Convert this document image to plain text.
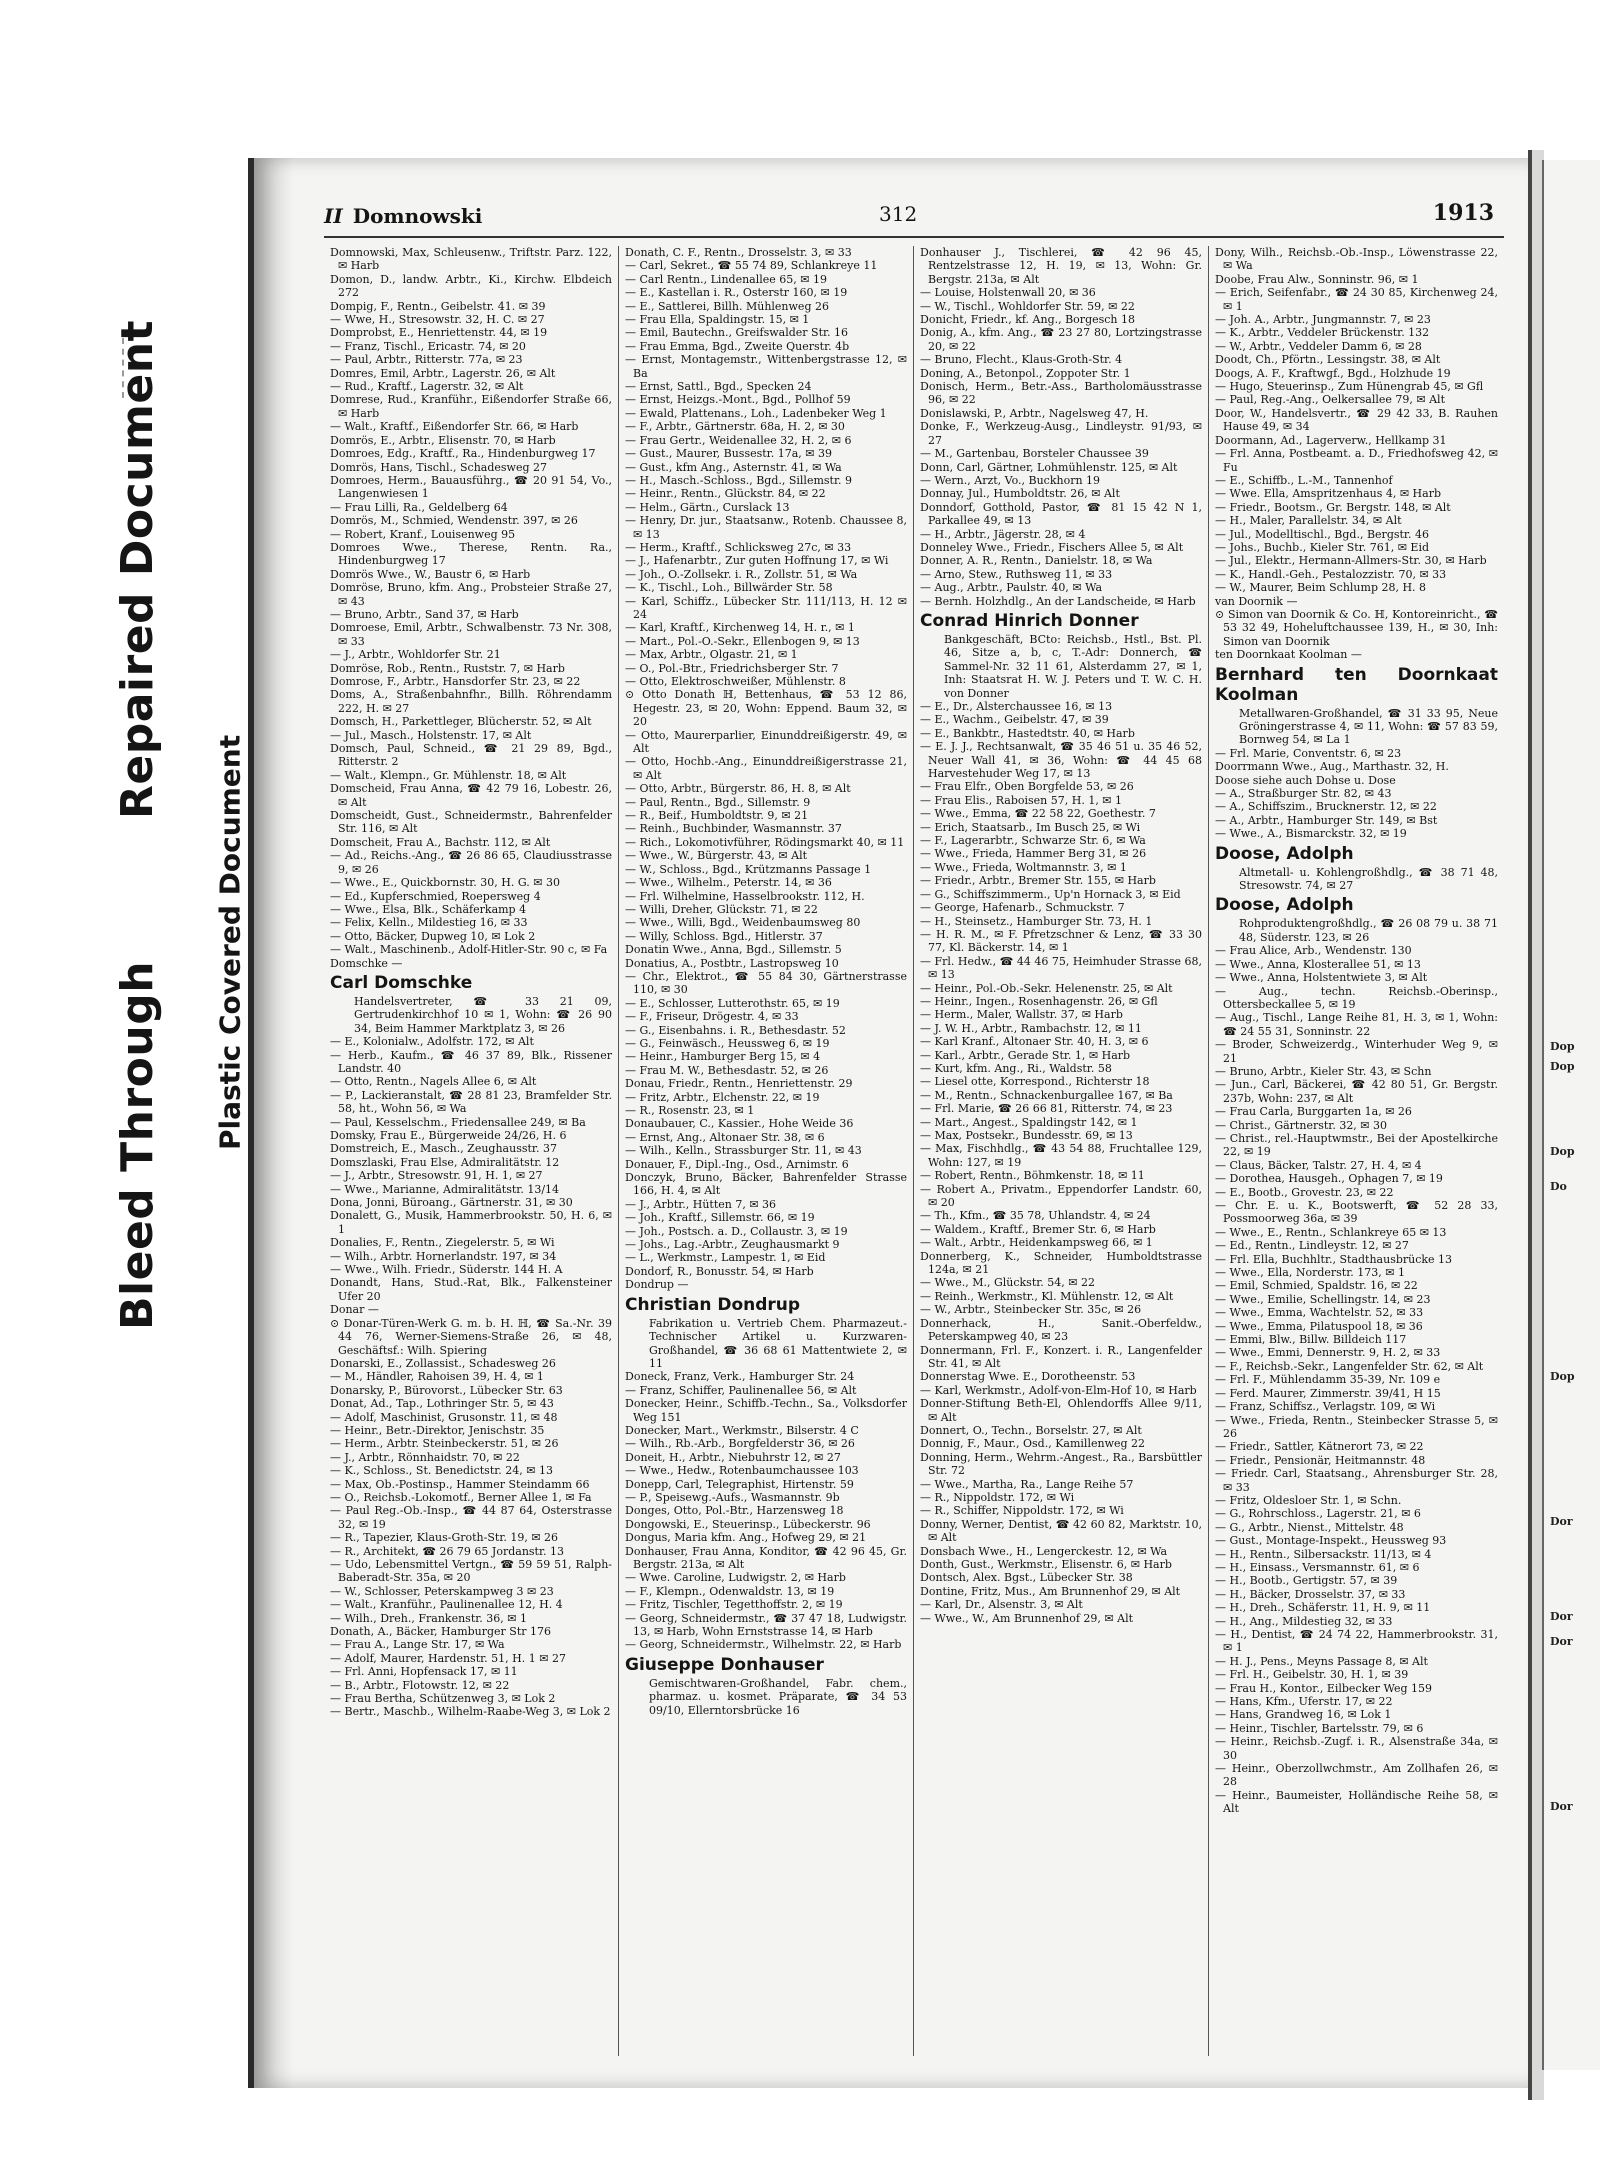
Bleed Through
Repaired Document
Plastic Covered Document
II Domnowski	312	1913

Domnowski, Max, Schleusenw., Triftstr. Parz. 122, ✉ Harb

Domon, D., landw. Arbtr., Ki., Kirchw. Elbdeich 272

Dompig, F., Rentn., Geibelstr. 41. ✉ 39

— Wwe, H., Stresowstr. 32, H. C. ✉ 27

Domprobst, E., Henriettenstr. 44, ✉ 19

— Franz, Tischl., Ericastr. 74, ✉ 20

— Paul, Arbtr., Ritterstr. 77a, ✉ 23

Domres, Emil, Arbtr., Lagerstr. 26, ✉ Alt

— Rud., Kraftf., Lagerstr. 32, ✉ Alt

Domrese, Rud., Kranführ., Eißendorfer Straße 66, ✉ Harb

— Walt., Kraftf., Eißendorfer Str. 66, ✉ Harb

Domrös, E., Arbtr., Elisenstr. 70, ✉ Harb

Domroes, Edg., Kraftf., Ra., Hindenburgweg 17

Domrös, Hans, Tischl., Schadesweg 27

Domroes, Herm., Bauausführg., ☎ 20 91 54, Vo., Langenwiesen 1

— Frau Lilli, Ra., Geldelberg 64

Domrös, M., Schmied, Wendenstr. 397, ✉ 26

— Robert, Kranf., Louisenweg 95

Domroes Wwe., Therese, Rentn. Ra., Hindenburgweg 17

Domrös Wwe., W., Baustr 6, ✉ Harb

Domröse, Bruno, kfm. Ang., Probsteier Straße 27, ✉ 43

— Bruno, Arbtr., Sand 37, ✉ Harb

Domroese, Emil, Arbtr., Schwalbenstr. 73 Nr. 308, ✉ 33

— J., Arbtr., Wohldorfer Str. 21

Domröse, Rob., Rentn., Ruststr. 7, ✉ Harb

Domrose, F., Arbtr., Hansdorfer Str. 23, ✉ 22

Doms, A., Straßenbahnfhr., Billh. Röhrendamm 222, H. ✉ 27

Domsch, H., Parkettleger, Blücherstr. 52, ✉ Alt

— Jul., Masch., Holstenstr. 17, ✉ Alt

Domsch, Paul, Schneid., ☎ 21 29 89, Bgd., Ritterstr. 2

— Walt., Klempn., Gr. Mühlenstr. 18, ✉ Alt

Domscheid, Frau Anna, ☎ 42 79 16, Lobestr. 26, ✉ Alt

Domscheidt, Gust., Schneidermstr., Bahrenfelder Str. 116, ✉ Alt

Domscheit, Frau A., Bachstr. 112, ✉ Alt

— Ad., Reichs.-Ang., ☎ 26 86 65, Claudiusstrasse 9, ✉ 26

— Wwe., E., Quickbornstr. 30, H. G. ✉ 30

— Ed., Kupferschmied, Roepersweg 4

— Wwe., Elsa, Blk., Schäferkamp 4

— Felix, Kelln., Mildestieg 16, ✉ 33

— Otto, Bäcker, Dupweg 10, ✉ Lok 2

— Walt., Maschinenb., Adolf-Hitler-Str. 90 c, ✉ Fa

Domschke —

Carl Domschke

Handelsvertreter, ☎ 33 21 09, Gertrudenkirchhof 10 ✉ 1, Wohn: ☎ 26 90 34, Beim Hammer Marktplatz 3, ✉ 26

— E., Kolonialw., Adolfstr. 172, ✉ Alt

— Herb., Kaufm., ☎ 46 37 89, Blk., Rissener Landstr. 40

— Otto, Rentn., Nagels Allee 6, ✉ Alt

— P., Lackieranstalt, ☎ 28 81 23, Bramfelder Str. 58, ht., Wohn 56, ✉ Wa

— Paul, Kesselschm., Friedensallee 249, ✉ Ba

Domsky, Frau E., Bürgerweide 24/26, H. 6

Domstreich, E., Masch., Zeughausstr. 37

Domszlaski, Frau Else, Admiralitätstr. 12

— J., Arbtr., Stresowstr. 91, H. 1, ✉ 27

— Wwe., Marianne, Admiralitätstr. 13/14

Dona, Jonni, Büroang., Gärtnerstr. 31, ✉ 30

Donalett, G., Musik, Hammerbrookstr. 50, H. 6, ✉ 1

Donalies, F., Rentn., Ziegelerstr. 5, ✉ Wi

— Wilh., Arbtr. Hornerlandstr. 197, ✉ 34

— Wwe., Wilh. Friedr., Süderstr. 144 H. A

Donandt, Hans, Stud.-Rat, Blk., Falkensteiner Ufer 20

Donar —

⊙ Donar-Türen-Werk G. m. b. H. ℍ, ☎ Sa.-Nr. 39 44 76, Werner-Siemens-Straße 26, ✉ 48, Geschäftsf.: Wilh. Spiering

Donarski, E., Zollassist., Schadesweg 26

— M., Händler, Rahoisen 39, H. 4, ✉ 1

Donarsky, P., Bürovorst., Lübecker Str. 63

Donat, Ad., Tap., Lothringer Str. 5, ✉ 43

— Adolf, Maschinist, Grusonstr. 11, ✉ 48

— Heinr., Betr.-Direktor, Jenischstr. 35

— Herm., Arbtr. Steinbeckerstr. 51, ✉ 26

— J., Arbtr., Rönnhaidstr. 70, ✉ 22

— K., Schloss., St. Benedictstr. 24, ✉ 13

— Max, Ob.-Postinsp., Hammer Steindamm 66

— O., Reichsb.-Lokomotf., Berner Allee 1, ✉ Fa

— Paul Reg.-Ob.-Insp., ☎ 44 87 64, Osterstrasse 32, ✉ 19

— R., Tapezier, Klaus-Groth-Str. 19, ✉ 26

— R., Architekt, ☎ 26 79 65 Jordanstr. 13

— Udo, Lebensmittel Vertgn., ☎ 59 59 51, Ralph-Baberadt-Str. 35a, ✉ 20

— W., Schlosser, Peterskampweg 3 ✉ 23

— Walt., Kranführ., Paulinenallee 12, H. 4

— Wilh., Dreh., Frankenstr. 36, ✉ 1

Donath, A., Bäcker, Hamburger Str 176

— Frau A., Lange Str. 17, ✉ Wa

— Adolf, Maurer, Hardenstr. 51, H. 1 ✉ 27

— Frl. Anni, Hopfensack 17, ✉ 11

— B., Arbtr., Flotowstr. 12, ✉ 22

— Frau Bertha, Schützenweg 3, ✉ Lok 2

— Bertr., Maschb., Wilhelm-Raabe-Weg 3, ✉ Lok 2

Donath, C. F., Rentn., Drosselstr. 3, ✉ 33

— Carl, Sekret., ☎ 55 74 89, Schlankreye 11

— Carl Rentn., Lindenallee 65, ✉ 19

— E., Kastellan i. R., Osterstr 160, ✉ 19

— E., Sattlerei, Billh. Mühlenweg 26

— Frau Ella, Spaldingstr. 15, ✉ 1

— Emil, Bautechn., Greifswalder Str. 16

— Frau Emma, Bgd., Zweite Querstr. 4b

— Ernst, Montagemstr., Wittenbergstrasse 12, ✉ Ba

— Ernst, Sattl., Bgd., Specken 24

— Ernst, Heizgs.-Mont., Bgd., Pollhof 59

— Ewald, Plattenans., Loh., Ladenbeker Weg 1

— F., Arbtr., Gärtnerstr. 68a, H. 2, ✉ 30

— Frau Gertr., Weidenallee 32, H. 2, ✉ 6

— Gust., Maurer, Bussestr. 17a, ✉ 39

— Gust., kfm Ang., Asternstr. 41, ✉ Wa

— H., Masch.-Schloss., Bgd., Sillemstr. 9

— Heinr., Rentn., Glückstr. 84, ✉ 22

— Helm., Gärtn., Curslack 13

— Henry, Dr. jur., Staatsanw., Rotenb. Chaussee 8, ✉ 13

— Herm., Kraftf., Schlicksweg 27c, ✉ 33

— J., Hafenarbtr., Zur guten Hoffnung 17, ✉ Wi

— Joh., O.-Zollsekr. i. R., Zollstr. 51, ✉ Wa

— K., Tischl., Loh., Billwärder Str. 58

— Karl, Schiffz., Lübecker Str. 111/113, H. 12 ✉ 24

— Karl, Kraftf., Kirchenweg 14, H. r., ✉ 1

— Mart., Pol.-O.-Sekr., Ellenbogen 9, ✉ 13

— Max, Arbtr., Olgastr. 21, ✉ 1

— O., Pol.-Btr., Friedrichsberger Str. 7

— Otto, Elektroschweißer, Mühlenstr. 8

⊙ Otto Donath ℍ, Bettenhaus, ☎ 53 12 86, Hegestr. 23, ✉ 20, Wohn: Eppend. Baum 32, ✉ 20

— Otto, Maurerparlier, Einunddreißigerstr. 49, ✉ Alt

— Otto, Hochb.-Ang., Einunddreißigerstrasse 21, ✉ Alt

— Otto, Arbtr., Bürgerstr. 86, H. 8, ✉ Alt

— Paul, Rentn., Bgd., Sillemstr. 9

— R., Beif., Humboldtstr. 9, ✉ 21

— Reinh., Buchbinder, Wasmannstr. 37

— Rich., Lokomotivführer, Rödingsmarkt 40, ✉ 11

— Wwe., W., Bürgerstr. 43, ✉ Alt

— W., Schloss., Bgd., Krützmanns Passage 1

— Wwe., Wilhelm., Peterstr. 14, ✉ 36

— Frl. Wilhelmine, Hasselbrookstr. 112, H.

— Willi, Dreher, Glückstr. 71, ✉ 22

— Wwe., Willi, Bgd., Weidenbaumsweg 80

— Willy, Schloss. Bgd., Hitlerstr. 37

Donatin Wwe., Anna, Bgd., Sillemstr. 5

Donatius, A., Postbtr., Lastropsweg 10

— Chr., Elektrot., ☎ 55 84 30, Gärtnerstrasse 110, ✉ 30

— E., Schlosser, Lutterothstr. 65, ✉ 19

— F., Friseur, Drögestr. 4, ✉ 33

— G., Eisenbahns. i. R., Bethesdastr. 52

— G., Feinwäsch., Heussweg 6, ✉ 19

— Heinr., Hamburger Berg 15, ✉ 4

— Frau M. W., Bethesdastr. 52, ✉ 26

Donau, Friedr., Rentn., Henriettenstr. 29

— Fritz, Arbtr., Elchenstr. 22, ✉ 19

— R., Rosenstr. 23, ✉ 1

Donaubauer, C., Kassier., Hohe Weide 36

— Ernst, Ang., Altonaer Str. 38, ✉ 6

— Wilh., Kelln., Strassburger Str. 11, ✉ 43

Donauer, F., Dipl.-Ing., Osd., Arnimstr. 6

Donczyk, Bruno, Bäcker, Bahrenfelder Strasse 166, H. 4, ✉ Alt

— J., Arbtr., Hütten 7, ✉ 36

— Joh., Kraftf., Sillemstr. 66, ✉ 19

— Joh., Postsch. a. D., Collaustr. 3, ✉ 19

— Johs., Lag.-Arbtr., Zeughausmarkt 9

— L., Werkmstr., Lampestr. 1, ✉ Eid

Dondorf, R., Bonusstr. 54, ✉ Harb

Dondrup —

Christian Dondrup

Fabrikation u. Vertrieb Chem. Pharmazeut.-Technischer Artikel u. Kurzwaren-Großhandel, ☎ 36 68 61 Mattentwiete 2, ✉ 11

Doneck, Franz, Verk., Hamburger Str. 24

— Franz, Schiffer, Paulinenallee 56, ✉ Alt

Donecker, Heinr., Schiffb.-Techn., Sa., Volksdorfer Weg 151

Donecker, Mart., Werkmstr., Bilserstr. 4 C

— Wilh., Rb.-Arb., Borgfelderstr 36, ✉ 26

Doneit, H., Arbtr., Niebuhrstr 12, ✉ 27

— Wwe., Hedw., Rotenbaumchaussee 103

Donepp, Carl, Telegraphist, Hirtenstr. 59

— P., Speisewg.-Aufs., Wasmannstr. 9b

Donges, Otto, Pol.-Btr., Harzensweg 18

Dongowski, E., Steuerinsp., Lübeckerstr. 96

Dongus, Maria kfm. Ang., Hofweg 29, ✉ 21

Donhauser, Frau Anna, Konditor, ☎ 42 96 45, Gr. Bergstr. 213a, ✉ Alt

— Wwe. Caroline, Ludwigstr. 2, ✉ Harb

— F., Klempn., Odenwaldstr. 13, ✉ 19

— Fritz, Tischler, Tegetthoffstr. 2, ✉ 19

— Georg, Schneidermstr., ☎ 37 47 18, Ludwigstr. 13, ✉ Harb, Wohn Ernststrasse 14, ✉ Harb

— Georg, Schneidermstr., Wilhelmstr. 22, ✉ Harb

Giuseppe Donhauser

Gemischtwaren-Großhandel, Fabr. chem., pharmaz. u. kosmet. Präparate, ☎ 34 53 09/10, Ellerntorsbrücke 16

Donhauser J., Tischlerei, ☎ 42 96 45, Rentzelstrasse 12, H. 19, ✉ 13, Wohn: Gr. Bergstr. 213a, ✉ Alt

— Louise, Holstenwall 20, ✉ 36

— W., Tischl., Wohldorfer Str. 59, ✉ 22

Donicht, Friedr., kf. Ang., Borgesch 18

Donig, A., kfm. Ang., ☎ 23 27 80, Lortzingstrasse 20, ✉ 22

— Bruno, Flecht., Klaus-Groth-Str. 4

Doning, A., Betonpol., Zoppoter Str. 1

Donisch, Herm., Betr.-Ass., Bartholomäusstrasse 96, ✉ 22

Donislawski, P., Arbtr., Nagelsweg 47, H.

Donke, F., Werkzeug-Ausg., Lindleystr. 91/93, ✉ 27

— M., Gartenbau, Borsteler Chaussee 39

Donn, Carl, Gärtner, Lohmühlenstr. 125, ✉ Alt

— Wern., Arzt, Vo., Buckhorn 19

Donnay, Jul., Humboldtstr. 26, ✉ Alt

Donndorf, Gotthold, Pastor, ☎ 81 15 42 N 1, Parkallee 49, ✉ 13

— H., Arbtr., Jägerstr. 28, ✉ 4

Donneley Wwe., Friedr., Fischers Allee 5, ✉ Alt

Donner, A. R., Rentn., Danielstr. 18, ✉ Wa

— Arno, Stew., Ruthsweg 11, ✉ 33

— Aug., Arbtr., Paulstr. 40, ✉ Wa

— Bernh. Holzhdlg., An der Landscheide, ✉ Harb

Conrad Hinrich Donner

Bankgeschäft, BCto: Reichsb., Hstl., Bst. Pl. 46, Sitze a, b, c, T.-Adr: Donnerch, ☎ Sammel-Nr. 32 11 61, Alsterdamm 27, ✉ 1, Inh: Staatsrat H. W. J. Peters und T. W. C. H. von Donner

— E., Dr., Alsterchaussee 16, ✉ 13

— E., Wachm., Geibelstr. 47, ✉ 39

— E., Bankbtr., Hastedtstr. 40, ✉ Harb

— E. J. J., Rechtsanwalt, ☎ 35 46 51 u. 35 46 52, Neuer Wall 41, ✉ 36, Wohn: ☎ 44 45 68 Harvestehuder Weg 17, ✉ 13

— Frau Elfr., Oben Borgfelde 53, ✉ 26

— Frau Elis., Raboisen 57, H. 1, ✉ 1

— Wwe., Emma, ☎ 22 58 22, Goethestr. 7

— Erich, Staatsarb., Im Busch 25, ✉ Wi

— F., Lagerarbtr., Schwarze Str. 6, ✉ Wa

— Wwe., Frieda, Hammer Berg 31, ✉ 26

— Wwe., Frieda, Woltmannstr. 3, ✉ 1

— Friedr., Arbtr., Bremer Str. 155, ✉ Harb

— G., Schiffszimmerm., Up'n Hornack 3, ✉ Eid

— George, Hafenarb., Schmuckstr. 7

— H., Steinsetz., Hamburger Str. 73, H. 1

— H. R. M., ✉ F. Pfretzschner & Lenz, ☎ 33 30 77, Kl. Bäckerstr. 14, ✉ 1

— Frl. Hedw., ☎ 44 46 75, Heimhuder Strasse 68, ✉ 13

— Heinr., Pol.-Ob.-Sekr. Helenenstr. 25, ✉ Alt

— Heinr., Ingen., Rosenhagenstr. 26, ✉ Gfl

— Herm., Maler, Wallstr. 37, ✉ Harb

— J. W. H., Arbtr., Rambachstr. 12, ✉ 11

— Karl Kranf., Altonaer Str. 40, H. 3, ✉ 6

— Karl., Arbtr., Gerade Str. 1, ✉ Harb

— Kurt, kfm. Ang., Ri., Waldstr. 58

— Liesel otte, Korrespond., Richterstr 18

— M., Rentn., Schnackenburgallee 167, ✉ Ba

— Frl. Marie, ☎ 26 66 81, Ritterstr. 74, ✉ 23

— Mart., Angest., Spaldingstr 142, ✉ 1

— Max, Postsekr., Bundesstr. 69, ✉ 13

— Max, Fischhdlg., ☎ 43 54 88, Fruchtallee 129, Wohn: 127, ✉ 19

— Robert, Rentn., Böhmkenstr. 18, ✉ 11

— Robert A., Privatm., Eppendorfer Landstr. 60, ✉ 20

— Th., Kfm., ☎ 35 78, Uhlandstr. 4, ✉ 24

— Waldem., Kraftf., Bremer Str. 6, ✉ Harb

— Walt., Arbtr., Heidenkampsweg 66, ✉ 1

Donnerberg, K., Schneider, Humboldtstrasse 124a, ✉ 21

— Wwe., M., Glückstr. 54, ✉ 22

— Reinh., Werkmstr., Kl. Mühlenstr. 12, ✉ Alt

— W., Arbtr., Steinbecker Str. 35c, ✉ 26

Donnerhack, H., Sanit.-Oberfeldw., Peterskampweg 40, ✉ 23

Donnermann, Frl. F., Konzert. i. R., Langenfelder Str. 41, ✉ Alt

Donnerstag Wwe. E., Dorotheenstr. 53

— Karl, Werkmstr., Adolf-von-Elm-Hof 10, ✉ Harb

Donner-Stiftung Beth-El, Ohlendorffs Allee 9/11, ✉ Alt

Donnert, O., Techn., Borselstr. 27, ✉ Alt

Donnig, F., Maur., Osd., Kamillenweg 22

Donning, Herm., Wehrm.-Angest., Ra., Barsbüttler Str. 72

— Wwe., Martha, Ra., Lange Reihe 57

— R., Nippoldstr. 172, ✉ Wi

— R., Schiffer, Nippoldstr. 172, ✉ Wi

Donny, Werner, Dentist, ☎ 42 60 82, Marktstr. 10, ✉ Alt

Donsbach Wwe., H., Lengerckestr. 12, ✉ Wa

Donth, Gust., Werkmstr., Elisenstr. 6, ✉ Harb

Dontsch, Alex. Bgst., Lübecker Str. 38

Dontine, Fritz, Mus., Am Brunnenhof 29, ✉ Alt

— Karl, Dr., Alsenstr. 3, ✉ Alt

— Wwe., W., Am Brunnenhof 29, ✉ Alt

Dony, Wilh., Reichsb.-Ob.-Insp., Löwenstrasse 22, ✉ Wa

Doobe, Frau Alw., Sonninstr. 96, ✉ 1

— Erich, Seifenfabr., ☎ 24 30 85, Kirchenweg 24, ✉ 1

— Joh. A., Arbtr., Jungmannstr. 7, ✉ 23

— K., Arbtr., Veddeler Brückenstr. 132

— W., Arbtr., Veddeler Damm 6, ✉ 28

Doodt, Ch., Pförtn., Lessingstr. 38, ✉ Alt

Doogs, A. F., Kraftwgf., Bgd., Holzhude 19

— Hugo, Steuerinsp., Zum Hünengrab 45, ✉ Gfl

— Paul, Reg.-Ang., Oelkersallee 79, ✉ Alt

Door, W., Handelsvertr., ☎ 29 42 33, B. Rauhen Hause 49, ✉ 34

Doormann, Ad., Lagerverw., Hellkamp 31

— Frl. Anna, Postbeamt. a. D., Friedhofsweg 42, ✉ Fu

— E., Schiffb., L.-M., Tannenhof

— Wwe. Ella, Amspritzenhaus 4, ✉ Harb

— Friedr., Bootsm., Gr. Bergstr. 148, ✉ Alt

— H., Maler, Parallelstr. 34, ✉ Alt

— Jul., Modelltischl., Bgd., Bergstr. 46

— Johs., Buchb., Kieler Str. 761, ✉ Eid

— Jul., Elektr., Hermann-Allmers-Str. 30, ✉ Harb

— K., Handl.-Geh., Pestalozzistr. 70, ✉ 33

— W., Maurer, Beim Schlump 28, H. 8

van Doornik —

⊙ Simon van Doornik & Co. ℍ, Kontoreinricht., ☎ 53 32 49, Hoheluftchaussee 139, H., ✉ 30, Inh: Simon van Doornik

ten Doornkaat Koolman —

Bernhard ten Doornkaat Koolman

Metallwaren-Großhandel, ☎ 31 33 95, Neue Gröningerstrasse 4, ✉ 11, Wohn: ☎ 57 83 59, Bornweg 54, ✉ La 1

— Frl. Marie, Conventstr. 6, ✉ 23

Doorrmann Wwe., Aug., Marthastr. 32, H.

Doose siehe auch Dohse u. Dose

— A., Straßburger Str. 82, ✉ 43

— A., Schiffszim., Brucknerstr. 12, ✉ 22

— A., Arbtr., Hamburger Str. 149, ✉ Bst

— Wwe., A., Bismarckstr. 32, ✉ 19

Doose, Adolph

Altmetall- u. Kohlengroßhdlg., ☎ 38 71 48, Stresowstr. 74, ✉ 27

Doose, Adolph

Rohproduktengroßhdlg., ☎ 26 08 79 u. 38 71 48, Süderstr. 123, ✉ 26

— Frau Alice, Arb., Wendenstr. 130

— Wwe., Anna, Klosterallee 51, ✉ 13

— Wwe., Anna, Holstentwiete 3, ✉ Alt

— Aug., techn. Reichsb.-Oberinsp., Ottersbeckallee 5, ✉ 19

— Aug., Tischl., Lange Reihe 81, H. 3, ✉ 1, Wohn: ☎ 24 55 31, Sonninstr. 22

— Broder, Schweizerdg., Winterhuder Weg 9, ✉ 21

— Bruno, Arbtr., Kieler Str. 43, ✉ Schn

— Jun., Carl, Bäckerei, ☎ 42 80 51, Gr. Bergstr. 237b, Wohn: 237, ✉ Alt

— Frau Carla, Burggarten 1a, ✉ 26

— Christ., Gärtnerstr. 32, ✉ 30

— Christ., rel.-Hauptwmstr., Bei der Apostelkirche 22, ✉ 19

— Claus, Bäcker, Talstr. 27, H. 4, ✉ 4

— Dorothea, Hausgeh., Ophagen 7, ✉ 19

— E., Bootb., Grovestr. 23, ✉ 22

— Chr. E. u. K., Bootswerft, ☎ 52 28 33, Possmoorweg 36a, ✉ 39

— Wwe., E., Rentn., Schlankreye 65 ✉ 13

— Ed., Rentn., Lindleystr. 12, ✉ 27

— Frl. Ella, Buchhltr., Stadthausbrücke 13

— Wwe., Ella, Norderstr. 173, ✉ 1

— Emil, Schmied, Spaldstr. 16, ✉ 22

— Wwe., Emilie, Schellingstr. 14, ✉ 23

— Wwe., Emma, Wachtelstr. 52, ✉ 33

— Wwe., Emma, Pilatuspool 18, ✉ 36

— Emmi, Blw., Billw. Billdeich 117

— Wwe., Emmi, Dennerstr. 9, H. 2, ✉ 33

— F., Reichsb.-Sekr., Langenfelder Str. 62, ✉ Alt

— Frl. F., Mühlendamm 35-39, Nr. 109 e

— Ferd. Maurer, Zimmerstr. 39/41, H 15

— Franz, Schiffsz., Verlagstr. 109, ✉ Wi

— Wwe., Frieda, Rentn., Steinbecker Strasse 5, ✉ 26

— Friedr., Sattler, Kätnerort 73, ✉ 22

— Friedr., Pensionär, Heitmannstr. 48

— Friedr. Carl, Staatsang., Ahrensburger Str. 28, ✉ 33

— Fritz, Oldesloer Str. 1, ✉ Schn.

— G., Rohrschloss., Lagerstr. 21, ✉ 6

— G., Arbtr., Nienst., Mittelstr. 48

— Gust., Montage-Inspekt., Heussweg 93

— H., Rentn., Silbersackstr. 11/13, ✉ 4

— H., Einsass., Versmannstr. 61, ✉ 6

— H., Bootb., Gertigstr. 57, ✉ 39

— H., Bäcker, Drosselstr. 37, ✉ 33

— H., Dreh., Schäferstr. 11, H. 9, ✉ 11

— H., Ang., Mildestieg 32, ✉ 33

— H., Dentist, ☎ 24 74 22, Hammerbrookstr. 31, ✉ 1

— H. J., Pens., Meyns Passage 8, ✉ Alt

— Frl. H., Geibelstr. 30, H. 1, ✉ 39

— Frau H., Kontor., Eilbecker Weg 159

— Hans, Kfm., Uferstr. 17, ✉ 22

— Hans, Grandweg 16, ✉ Lok 1

— Heinr., Tischler, Bartelsstr. 79, ✉ 6

— Heinr., Reichsb.-Zugf. i. R., Alsenstraße 34a, ✉ 30

— Heinr., Oberzollwchmstr., Am Zollhafen 26, ✉ 28

— Heinr., Baumeister, Holländische Reihe 58, ✉ Alt

Dop
Dop
Dop
Do
Dop
Dor
Dor
Dor
Dor
